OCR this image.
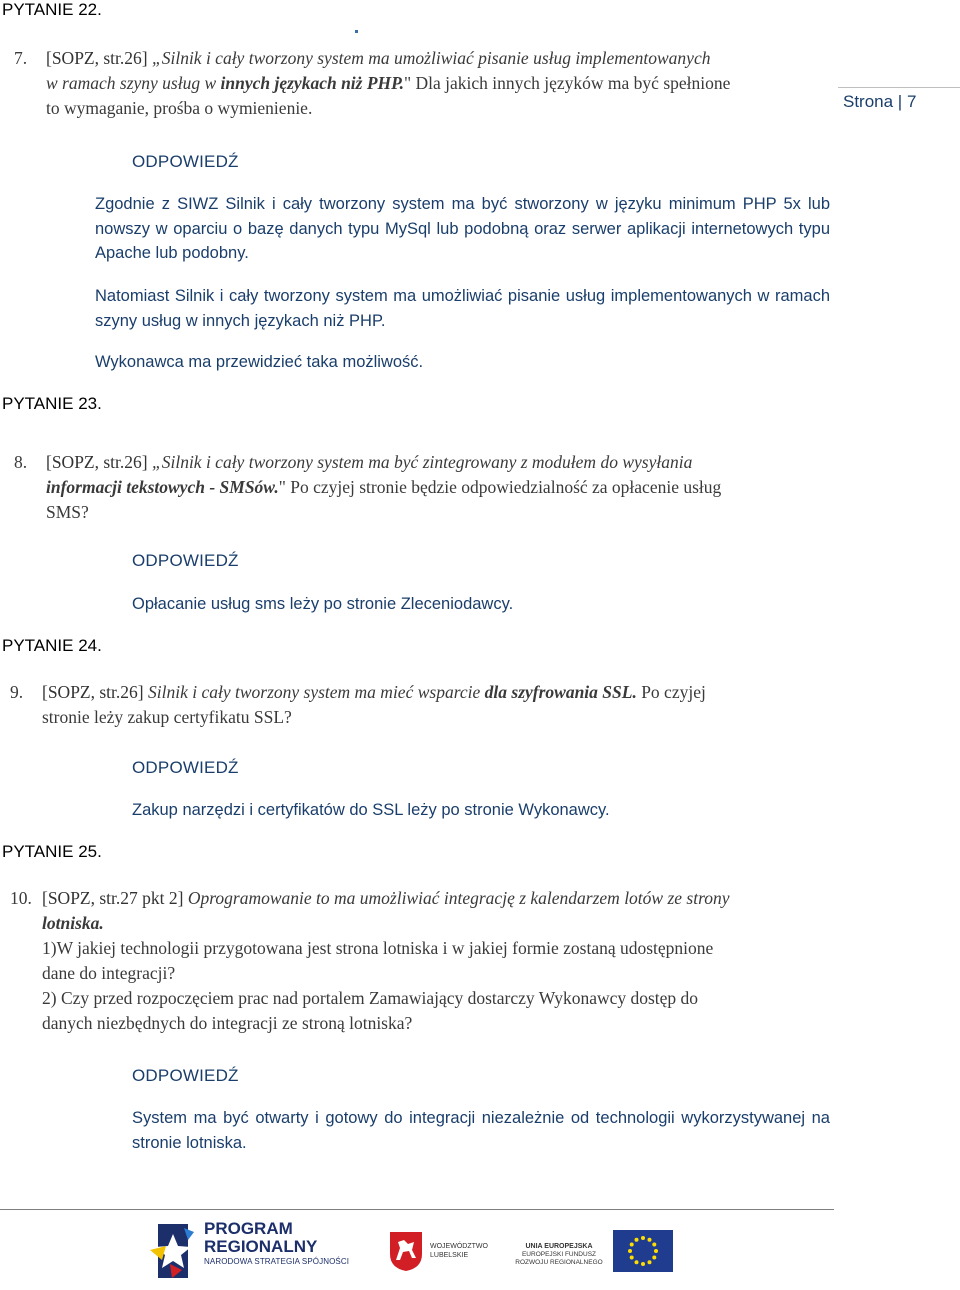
PYTANIE 22.
Strona | 7
7. [SOPZ, str.26] „Silnik i cały tworzony system ma umożliwiać pisanie usług implementowanych
w ramach szyny usług w innych językach niż PHP." Dla jakich innych języków ma być spełnione
to wymaganie, prośba o wymienienie.
ODPOWIEDŹ
Zgodnie z SIWZ Silnik i cały tworzony system ma być stworzony w języku minimum PHP 5x lub nowszy w oparciu o bazę danych typu MySql lub podobną oraz serwer aplikacji internetowych typu Apache lub podobny.
Natomiast Silnik i cały tworzony system ma umożliwiać pisanie usług implementowanych w ramach szyny usług w innych językach niż PHP.
Wykonawca ma przewidzieć taka możliwość.
PYTANIE 23.
8. [SOPZ, str.26] „Silnik i cały tworzony system ma być zintegrowany z modułem do wysyłania
informacji tekstowych - SMSów." Po czyjej stronie będzie odpowiedzialność za opłacenie usług
SMS?
ODPOWIEDŹ
Opłacanie usług sms leży po stronie Zleceniodawcy.
PYTANIE 24.
9. [SOPZ, str.26] Silnik i cały tworzony system ma mieć wsparcie dla szyfrowania SSL. Po czyjej
stronie leży zakup certyfikatu SSL?
ODPOWIEDŹ
Zakup narzędzi i certyfikatów do SSL leży po stronie Wykonawcy.
PYTANIE 25.
10. [SOPZ, str.27 pkt 2] Oprogramowanie to ma umożliwiać integrację z kalendarzem lotów ze strony
lotniska.
1)W jakiej technologii przygotowana jest strona lotniska i w jakiej formie zostaną udostępnione
dane do integracji?
2) Czy przed rozpoczęciem prac nad portalem Zamawiający dostarczy Wykonawcy dostęp do
danych niezbędnych do integracji ze stroną lotniska?
ODPOWIEDŹ
System ma być otwarty i gotowy do integracji niezależnie od technologii wykorzystywanej na stronie lotniska.
PROGRAM
REGIONALNY
NARODOWA STRATEGIA SPÓJNOŚCI
WOJEWÓDZTWO
LUBELSKIE
UNIA EUROPEJSKA
EUROPEJSKI FUNDUSZ
ROZWOJU REGIONALNEGO
